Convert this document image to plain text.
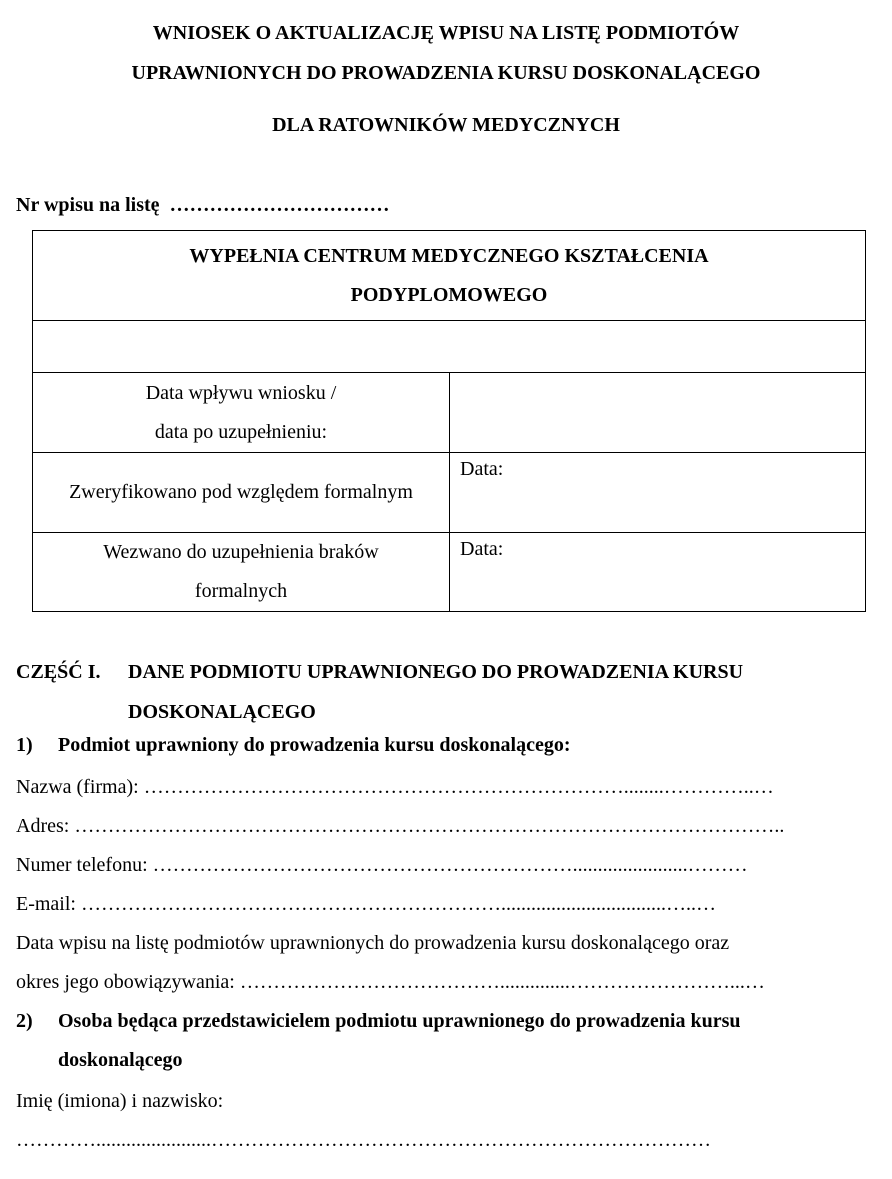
WNIOSEK O AKTUALIZACJĘ WPISU NA LISTĘ PODMIOTÓW
UPRAWNIONYCH DO PROWADZENIA KURSU DOSKONALĄCEGO
DLA RATOWNIKÓW MEDYCZNYCH
Nr wpisu na listę ……………………………
WYPEŁNIA CENTRUM MEDYCZNEGO KSZTAŁCENIA
PODYPLOMOWEGO
Data wpływu wniosku /
data po uzupełnieniu:
Zweryfikowano pod względem formalnym
Data:
Wezwano do uzupełnienia braków
formalnych
Data:
CZĘŚĆ I. DANE PODMIOTU UPRAWNIONEGO DO PROWADZENIA KURSU
DOSKONALĄCEGO
1) Podmiot uprawniony do prowadzenia kursu doskonalącego:
Nazwa (firma): ………………………………………………………………........…………..…
Adres: ……………………………………………………………………………………………..
Numer telefonu: ……………………………………………………….......................………
E-mail: ……………………………………………………….................................…..…
Data wpisu na listę podmiotów uprawnionych do prowadzenia kursu doskonalącego oraz
okres jego obowiązywania: …………………………………..............……………………...…
2) Osoba będąca przedstawicielem podmiotu uprawnionego do prowadzenia kursu
doskonalącego
Imię (imiona) i nazwisko:
………….......................…………………………………………………………………
